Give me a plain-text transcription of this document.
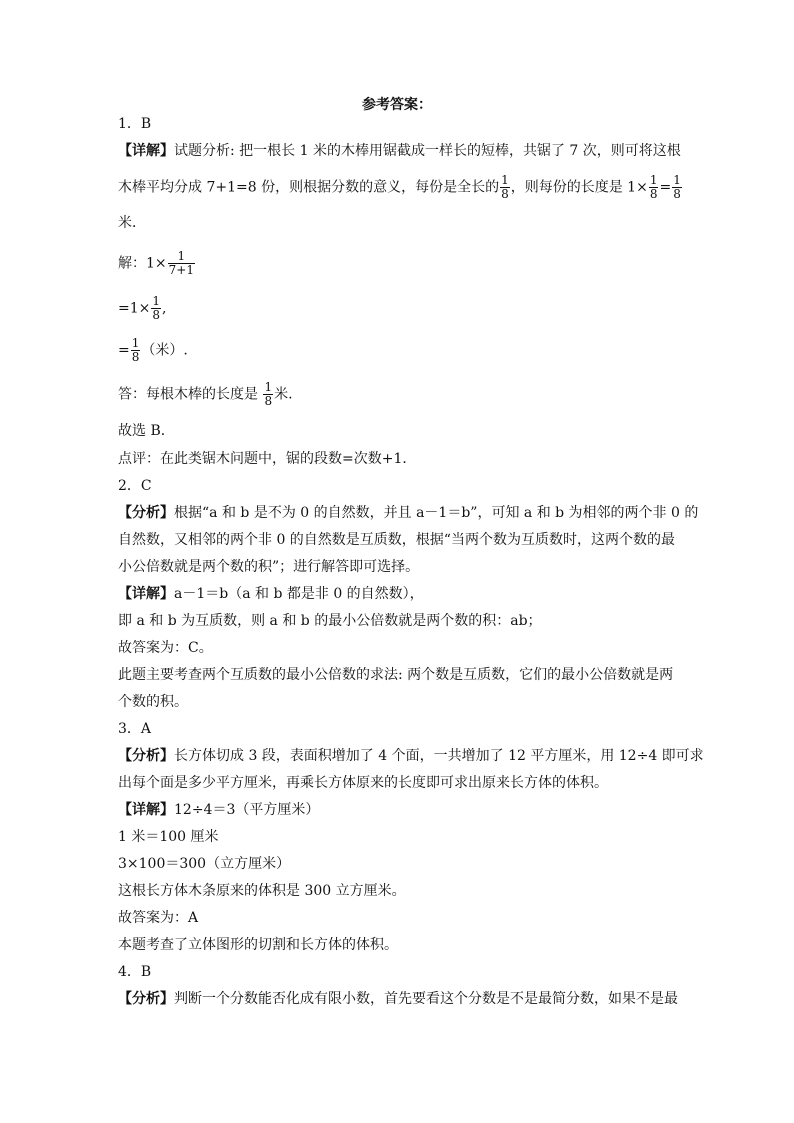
参考答案：
1．B
【详解】试题分析: 把一根长 1 米的木棒用锯截成一样长的短棒，共锯了 7 次，则可将这根
木棒平均分成 7+1=8 份，则根据分数的意义，每份是全长的 $\frac{1}{8}$ ，则每份的长度是 $1\times \frac{1}{8} = \frac{1}{8}$
米．
解：$1\times \frac{1}{7+1}$
$=1\times \frac{1}{8}$ ,
= $\frac{1}{8}$ （米）.
答：每根木棒的长度是 $\frac{1}{8}$ 米.
故选 B．
点评：在此类锯木问题中，锯的段数=次数+1．
2．C
【分析】根据“a 和 b 是不为 0 的自然数，并且 a－1＝b”，可知 a 和 b 为相邻的两个非 0 的
自然数，又相邻的两个非 0 的自然数是互质数，根据“当两个数为互质数时，这两个数的最
小公倍数就是两个数的积”；进行解答即可选择。
【详解】a－1＝b（a 和 b 都是非 0 的自然数），
即 a 和 b 为互质数，则 a 和 b 的最小公倍数就是两个数的积：ab；
故答案为：C。
此题主要考查两个互质数的最小公倍数的求法: 两个数是互质数，它们的最小公倍数就是两
个数的积。
3．A
【分析】长方体切成 3 段，表面积增加了 4 个面，一共增加了 12 平方厘米，用 12÷4 即可求
出每个面是多少平方厘米，再乘长方体原来的长度即可求出原来长方体的体积。
【详解】12÷4＝3（平方厘米）
1 米＝100 厘米
3×100＝300（立方厘米）
这根长方体木条原来的体积是 300 立方厘米。
故答案为：A
本题考查了立体图形的切割和长方体的体积。
4．B
【分析】判断一个分数能否化成有限小数，首先要看这个分数是不是最简分数，如果不是最
